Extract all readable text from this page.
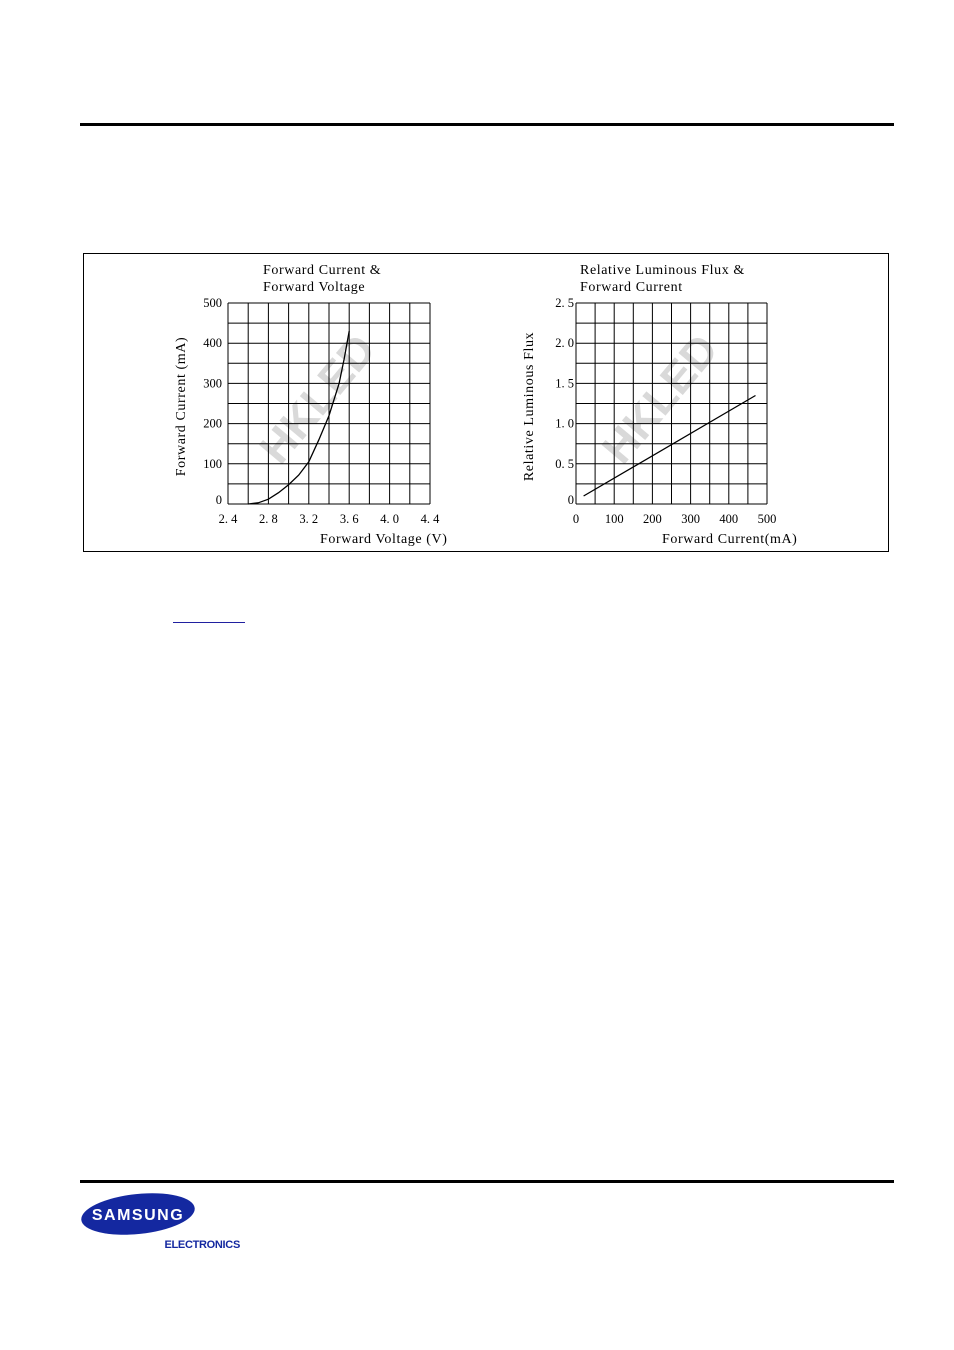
HKLED
Forward Current &
Forward Voltage
0
100
200
300
400
500
2. 4 2. 8 3. 2 3. 6 4. 0 4. 4
Forward Voltage (V)
Forward Current (mA)	HKLED
Relative Luminous Flux &
Forward Current
0
0. 5
1. 0
1. 5
2. 0
2. 5
0 100 200 300 400 500
Forward Current(mA)
Relative Luminous Flux
SAMSUNG
ELECTRONICS
